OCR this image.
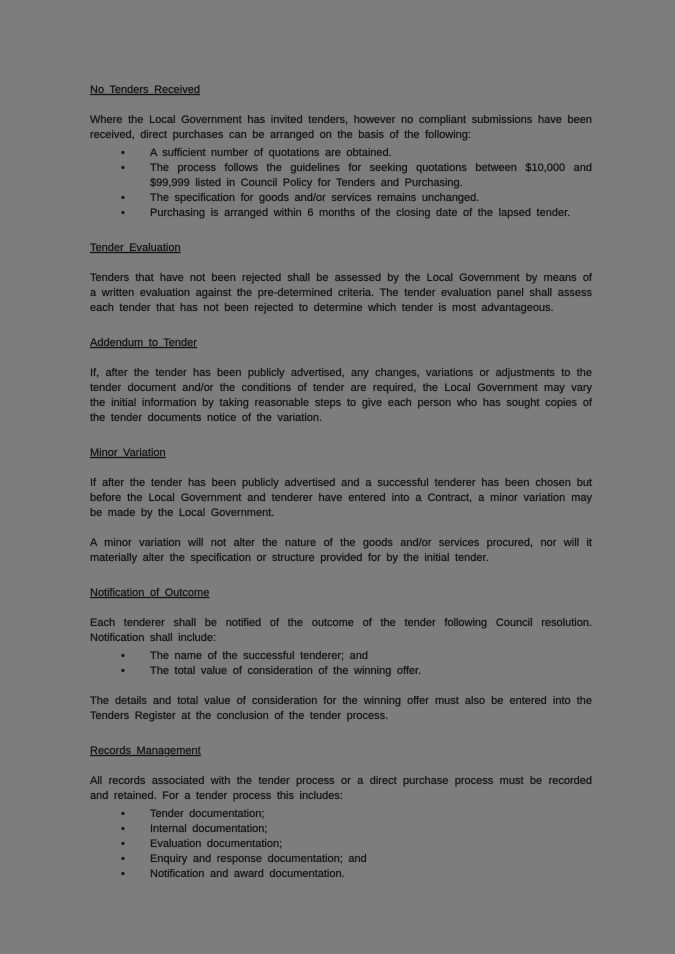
No Tenders Received

Where the Local Government has invited tenders, however no compliant submissions have been received, direct purchases can be arranged on the basis of the following:

•	A sufficient number of quotations are obtained.
•	The process follows the guidelines for seeking quotations between $10,000 and $99,999 listed in Council Policy for Tenders and Purchasing.
•	The specification for goods and/or services remains unchanged.
•	Purchasing is arranged within 6 months of the closing date of the lapsed tender.
Tender Evaluation

Tenders that have not been rejected shall be assessed by the Local Government by means of a written evaluation against the pre-determined criteria. The tender evaluation panel shall assess each tender that has not been rejected to determine which tender is most advantageous.

Addendum to Tender

If, after the tender has been publicly advertised, any changes, variations or adjustments to the tender document and/or the conditions of tender are required, the Local Government may vary the initial information by taking reasonable steps to give each person who has sought copies of the tender documents notice of the variation.

Minor Variation

If after the tender has been publicly advertised and a successful tenderer has been chosen but before the Local Government and tenderer have entered into a Contract, a minor variation may be made by the Local Government.

A minor variation will not alter the nature of the goods and/or services procured, nor will it materially alter the specification or structure provided for by the initial tender.

Notification of Outcome

Each tenderer shall be notified of the outcome of the tender following Council resolution. Notification shall include:

•	The name of the successful tenderer; and
•	The total value of consideration of the winning offer.

The details and total value of consideration for the winning offer must also be entered into the Tenders Register at the conclusion of the tender process.

Records Management

All records associated with the tender process or a direct purchase process must be recorded and retained. For a tender process this includes:

•	Tender documentation;
•	Internal documentation;
•	Evaluation documentation;
•	Enquiry and response documentation; and
•	Notification and award documentation.
